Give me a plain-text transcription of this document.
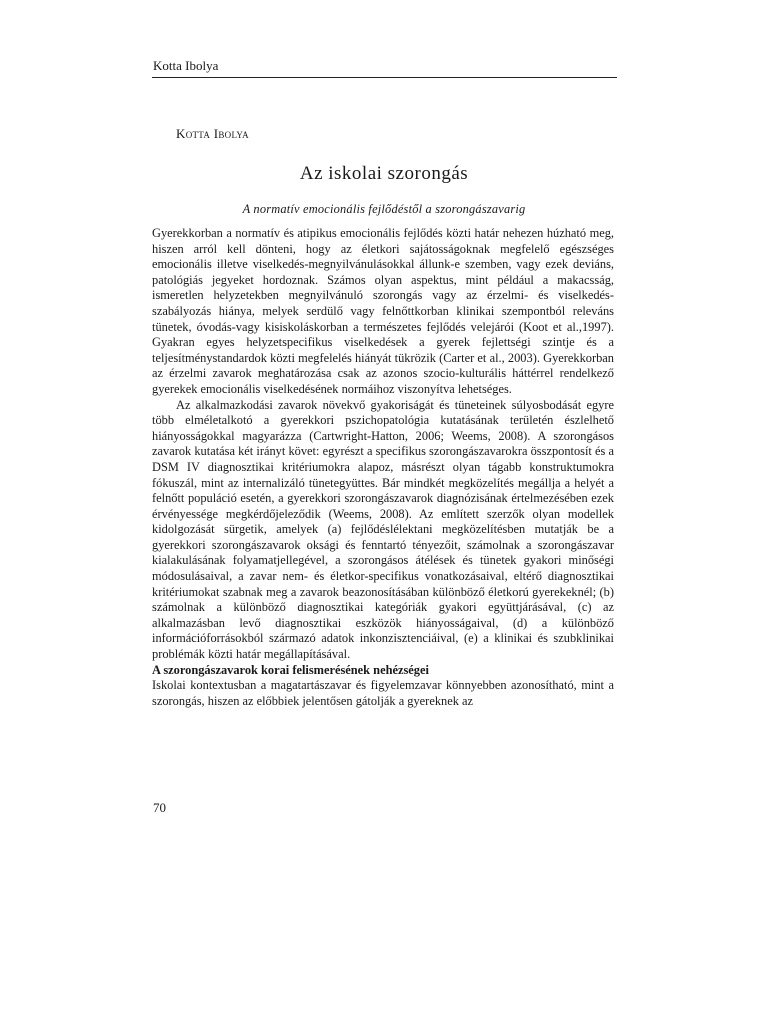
Kotta Ibolya
Kotta Ibolya
Az iskolai szorongás
A normatív emocionális fejlődéstől a szorongászavarig

Gyerekkorban a normatív és atipikus emocionális fejlődés közti határ nehezen húzható meg, hiszen arról kell dönteni, hogy az életkori sajátosságoknak megfelelő egészséges emocionális illetve viselkedés-megnyilvánulásokkal állunk-e szemben, vagy ezek deviáns, patológiás jegyeket hordoznak. Számos olyan aspektus, mint például a makacsság, ismeretlen helyzetekben megnyilvánuló szorongás vagy az érzelmi- és viselkedés-szabályozás hiánya, melyek serdülő vagy felnőttkorban klinikai szempontból releváns tünetek, óvodás-vagy kisiskoláskorban a természetes fejlődés velejárói (Koot et al.,1997). Gyakran egyes helyzetspecifikus viselkedések a gyerek fejlettségi szintje és a teljesítménystandardok közti megfelelés hiányát tükrözik (Carter et al., 2003). Gyerekkorban az érzelmi zavarok meghatározása csak az azonos szocio-kulturális háttérrel rendelkező gyerekek emocionális viselkedésének normáihoz viszonyítva lehetséges.

Az alkalmazkodási zavarok növekvő gyakoriságát és tüneteinek súlyosbodását egyre több elméletalkotó a gyerekkori pszichopatológia kutatásának területén észlelhető hiányosságokkal magyarázza (Cartwright-Hatton, 2006; Weems, 2008). A szorongásos zavarok kutatása két irányt követ: egyrészt a specifikus szorongászavarokra összpontosít és a DSM IV diagnosztikai kritériumokra alapoz, másrészt olyan tágabb konstruktumokra fókuszál, mint az internalizáló tünetegyüttes. Bár mindkét megközelítés megállja a helyét a felnőtt populáció esetén, a gyerekkori szorongászavarok diagnózisának értelmezésében ezek érvényessége megkérdőjeleződik (Weems, 2008). Az említett szerzők olyan modellek kidolgozását sürgetik, amelyek (a) fejlődéslélektani megközelítésben mutatják be a gyerekkori szorongászavarok oksági és fenntartó tényezőit, számolnak a szorongászavar kialakulásának folyamatjellegével, a szorongásos átélések és tünetek gyakori minőségi módosulásaival, a zavar nem- és életkor-specifikus vonatkozásaival, eltérő diagnosztikai kritériumokat szabnak meg a zavarok beazonosításában különböző életkorú gyerekeknél; (b) számolnak a különböző diagnosztikai kategóriák gyakori együttjárásával, (c) az alkalmazásban levő diagnosztikai eszközök hiányosságaival, (d) a különböző információforrásokból származó adatok inkonzisztenciáival, (e) a klinikai és szubklinikai problémák közti határ megállapításával.

A szorongászavarok korai felismerésének nehézségei

Iskolai kontextusban a magatartászavar és figyelemzavar könnyebben azonosítható, mint a szorongás, hiszen az előbbiek jelentősen gátolják a gyereknek az

70
